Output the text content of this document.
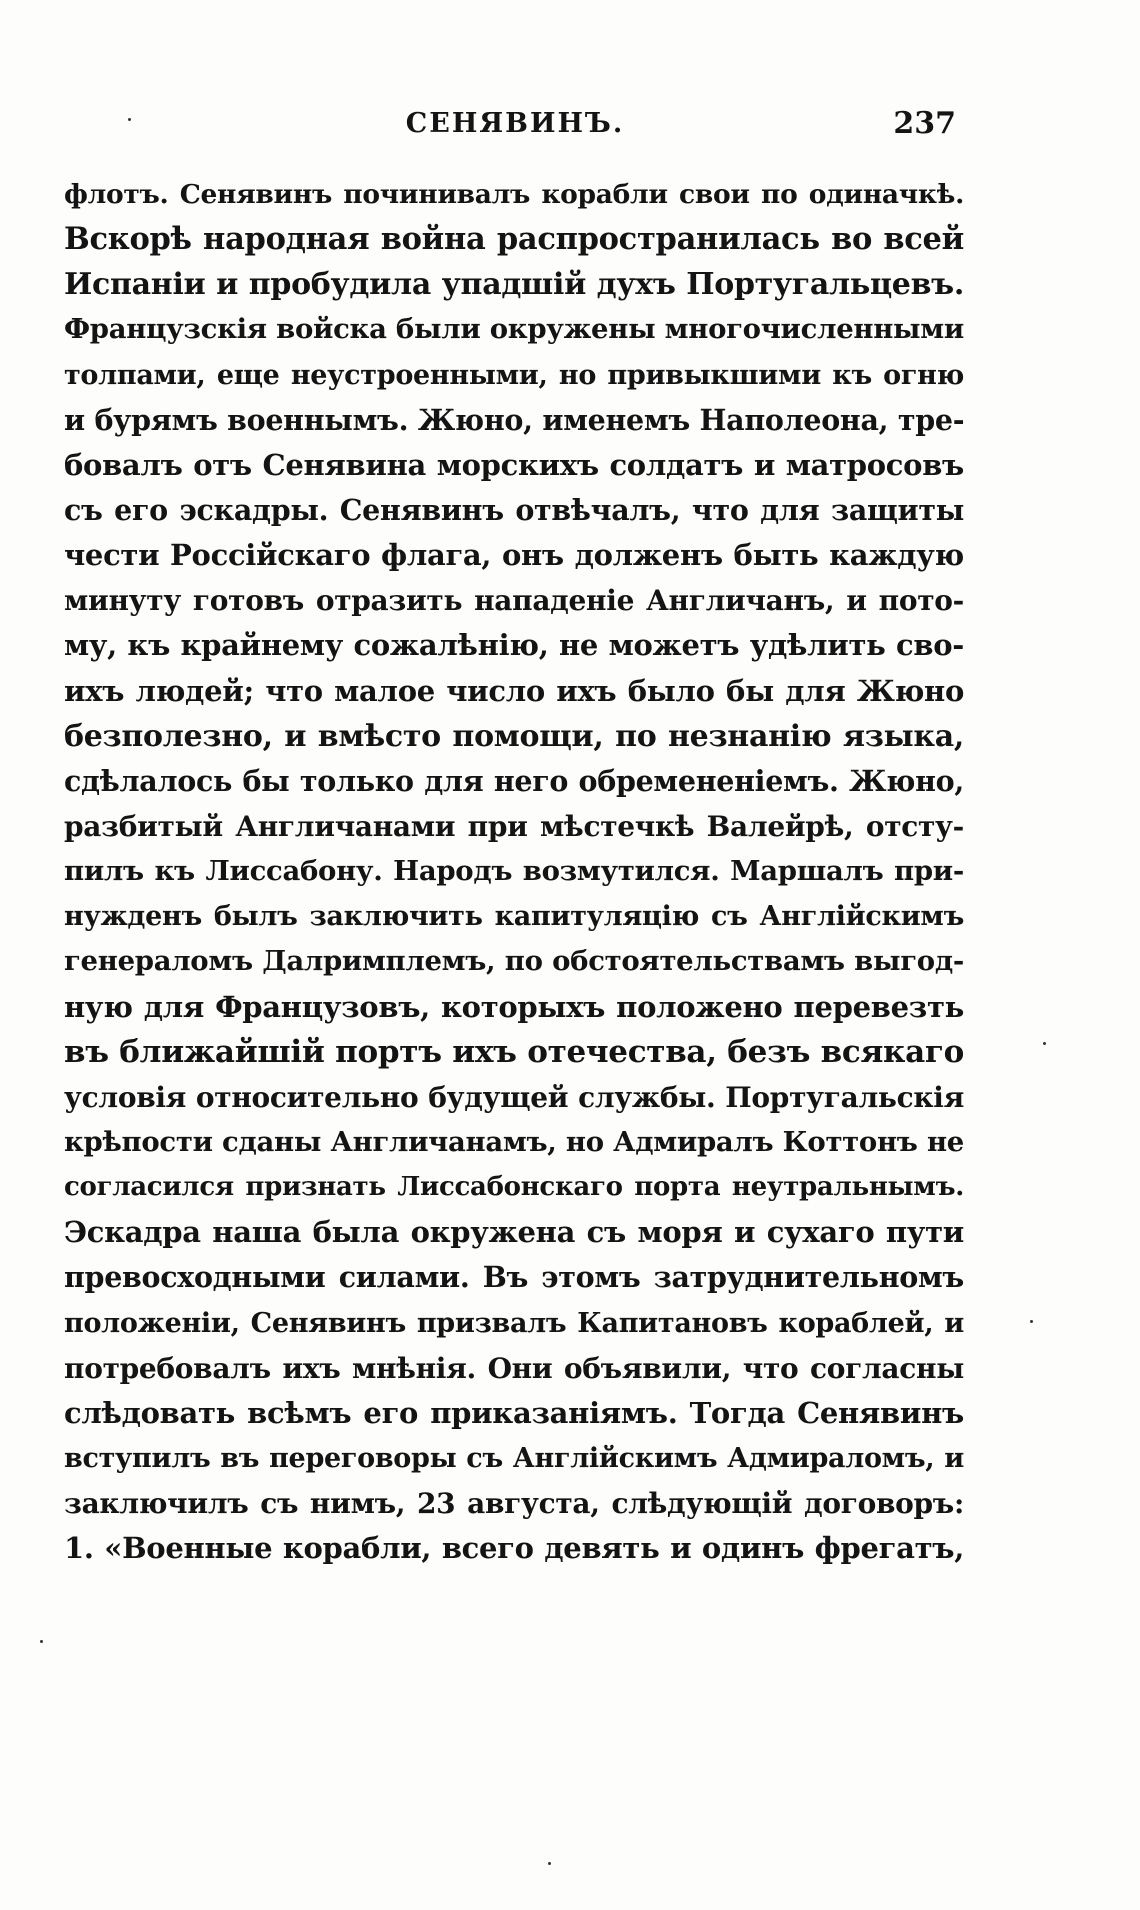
СЕНЯВИНЪ.	237
флотъ. Сенявинъ починивалъ корабли свои по одиначкѣ.
Вскорѣ народная война распространилась во всей
Испаніи и пробудила упадшій духъ Португальцевъ.
Французскія войска были окружены многочисленными
толпами, еще неустроенными, но привыкшими къ огню
и бурямъ военнымъ. Жюно, именемъ Наполеона, тре-
бовалъ отъ Сенявина морскихъ солдатъ и матросовъ
съ его эскадры. Сенявинъ отвѣчалъ, что для защиты
чести Россійскаго флага, онъ долженъ быть каждую
минуту готовъ отразить нападеніе Англичанъ, и пото-
му, къ крайнему сожалѣнію, не можетъ удѣлить сво-
ихъ людей; что малое число ихъ было бы для Жюно
безполезно, и вмѣсто помощи, по незнанію языка,
сдѣлалось бы только для него обремененіемъ. Жюно,
разбитый Англичанами при мѣстечкѣ Валейрѣ, отсту-
пилъ къ Лиссабону. Народъ возмутился. Маршалъ при-
нужденъ былъ заключить капитуляцію съ Англійскимъ
генераломъ Далримплемъ, по обстоятельствамъ выгод-
ную для Французовъ, которыхъ положено перевезть
въ ближайшій портъ ихъ отечества, безъ всякаго
условія относительно будущей службы. Португальскія
крѣпости сданы Англичанамъ, но Адмиралъ Коттонъ не
согласился признать Лиссабонскаго порта неутральнымъ.
Эскадра наша была окружена съ моря и сухаго пути
превосходными силами. Въ этомъ затруднительномъ
положеніи, Сенявинъ призвалъ Капитановъ кораблей, и
потребовалъ ихъ мнѣнія. Они объявили, что согласны
слѣдовать всѣмъ его приказаніямъ. Тогда Сенявинъ
вступилъ въ переговоры съ Англійскимъ Адмираломъ, и
заключилъ съ нимъ, 23 августа, слѣдующій договоръ:
1. «Военные корабли, всего девять и одинъ фрегатъ,
